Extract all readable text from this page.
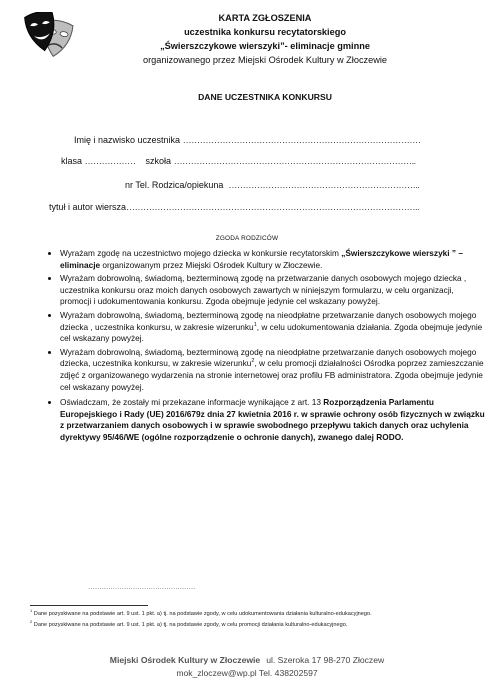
KARTA ZGŁOSZENIA
uczestnika konkursu recytatorskiego
„Świerszczykowe wierszyki”- eliminacje gminne
organizowanego przez Miejski Ośrodek Kultury w Złoczewie
DANE UCZESTNIKA KONKURSU
Imię i nazwisko uczestnika …………………………………………………………………………
klasa ……………… szkoła …………………………………………………………………………..
nr Tel. Rodzica/opiekuna …………………………………………………………..
tytuł i autor wiersza…………………………………………………………………………………………..
ZGODA RODZICÓW
• Wyrażam zgodę na uczestnictwo mojego dziecka w konkursie recytatorskim „Świerszczykowe wierszyki ” – eliminacje organizowanym przez Miejski Ośrodek Kultury w Złoczewie.
• Wyrażam dobrowolną, świadomą, bezterminową zgodę na przetwarzanie danych osobowych mojego dziecka , uczestnika konkursu oraz moich danych osobowych zawartych w niniejszym formularzu, w celu organizacji, promocji i udokumentowania konkursu. Zgoda obejmuje jedynie cel wskazany powyżej.
• Wyrażam dobrowolną, świadomą, bezterminową zgodę na nieodpłatne przetwarzanie danych osobowych mojego dziecka , uczestnika konkursu, w zakresie wizerunku$^1$, w celu udokumentowania działania. Zgoda obejmuje jedynie cel wskazany powyżej.
• Wyrażam dobrowolną, świadomą, bezterminową zgodę na nieodpłatne przetwarzanie danych osobowych mojego dziecka, uczestnika konkursu, w zakresie wizerunku$^2$, w celu promocji działalności Ośrodka poprzez zamieszczanie zdjęć z organizowanego wydarzenia na stronie internetowej oraz profilu FB administratora. Zgoda obejmuje jedynie cel wskazany powyżej.
• Oświadczam, że zostały mi przekazane informacje wynikające z art. 13 Rozporządzenia Parlamentu Europejskiego i Rady (UE) 2016/679z dnia 27 kwietnia 2016 r. w sprawie ochrony osób fizycznych w związku z przetwarzaniem danych osobowych i w sprawie swobodnego przepływu takich danych oraz uchylenia dyrektywy 95/46/WE (ogólne rozporządzenie o ochronie danych), zwanego dalej RODO.
…………………………………………
$^1$ Dane pozyskiwane na podstawie art. 9 ust. 1 pkt. a) tj. na podstawie zgody, w celu udokumentowania działania kulturalno-edukacyjnego.
$^2$ Dane pozyskiwane na podstawie art. 9 ust. 1 pkt. a) tj. na podstawie zgody, w celu promocji działania kulturalno-edukacyjnego.
Miejski Ośrodek Kultury w Złoczewie ul. Szeroka 17 98-270 Złoczew
mok_zloczew@wp.pl Tel. 438202597
